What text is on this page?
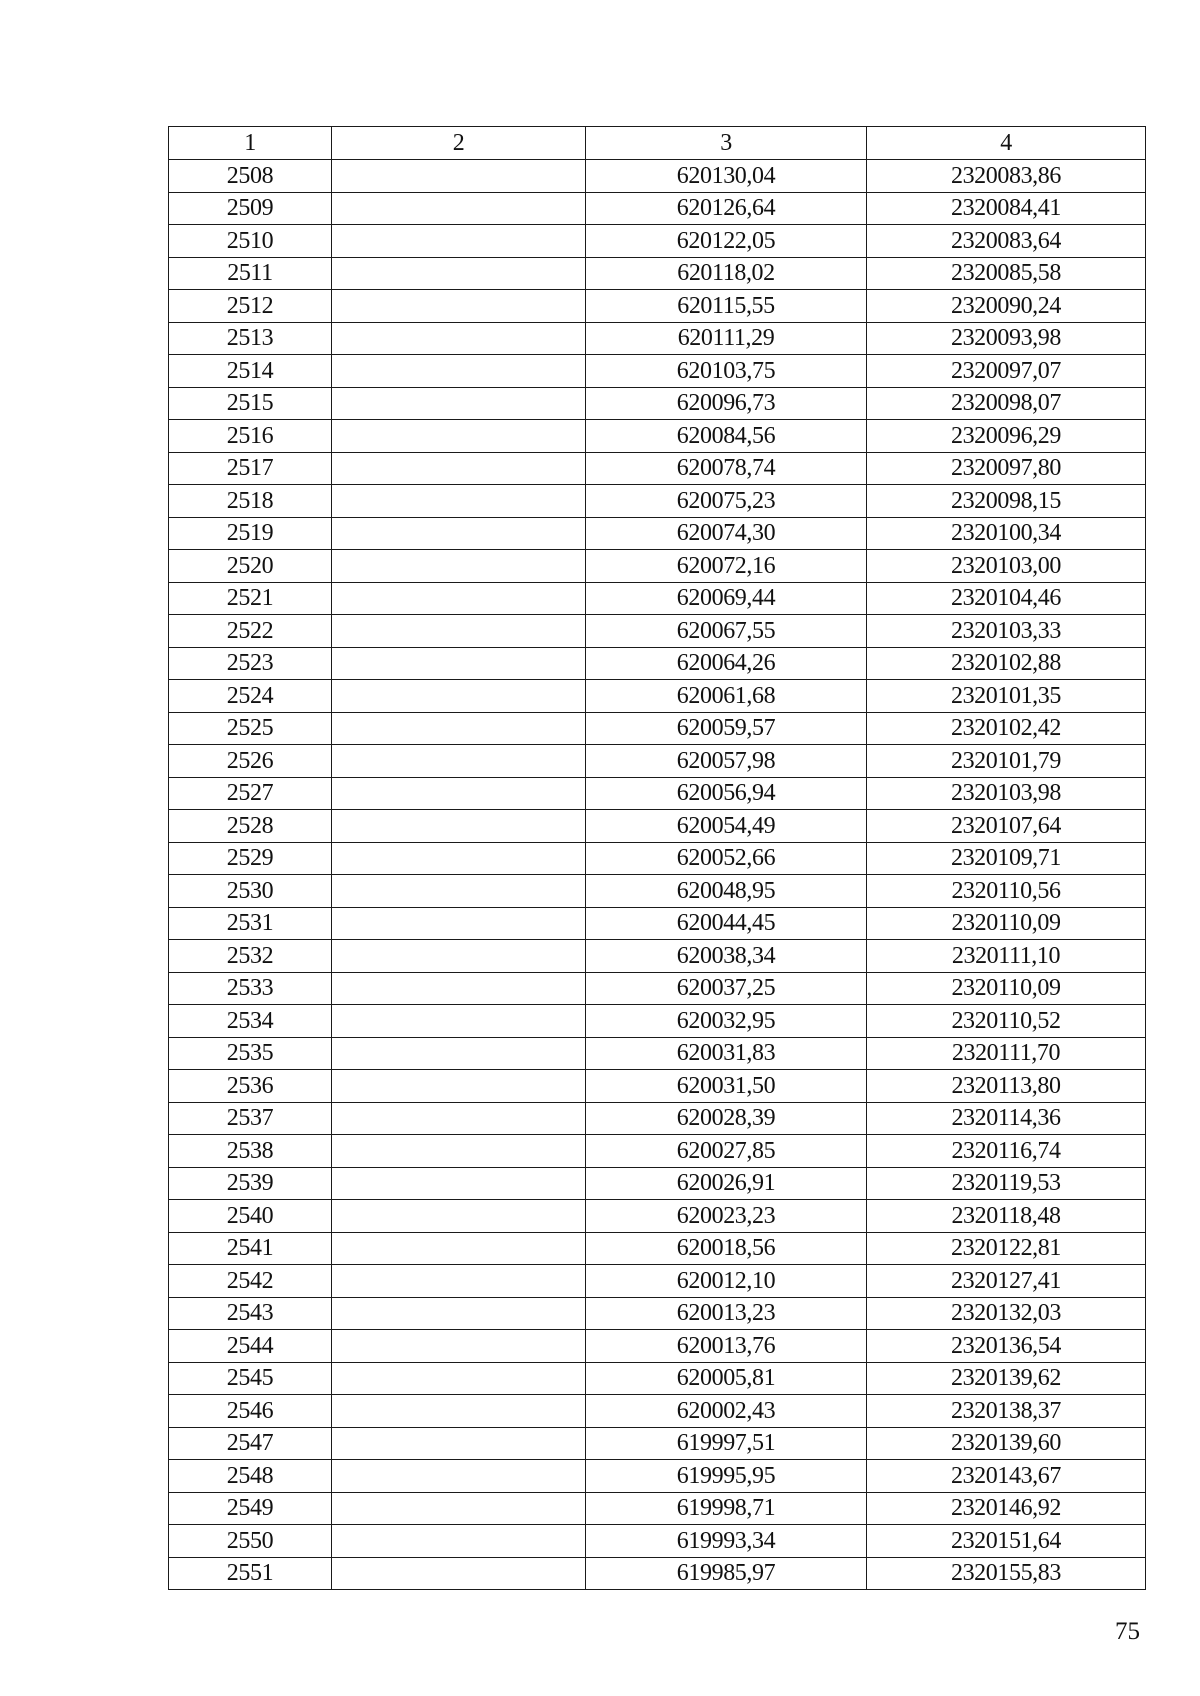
1	2	3	4
2508		620130,04	2320083,86
2509		620126,64	2320084,41
2510		620122,05	2320083,64
2511		620118,02	2320085,58
2512		620115,55	2320090,24
2513		620111,29	2320093,98
2514		620103,75	2320097,07
2515		620096,73	2320098,07
2516		620084,56	2320096,29
2517		620078,74	2320097,80
2518		620075,23	2320098,15
2519		620074,30	2320100,34
2520		620072,16	2320103,00
2521		620069,44	2320104,46
2522		620067,55	2320103,33
2523		620064,26	2320102,88
2524		620061,68	2320101,35
2525		620059,57	2320102,42
2526		620057,98	2320101,79
2527		620056,94	2320103,98
2528		620054,49	2320107,64
2529		620052,66	2320109,71
2530		620048,95	2320110,56
2531		620044,45	2320110,09
2532		620038,34	2320111,10
2533		620037,25	2320110,09
2534		620032,95	2320110,52
2535		620031,83	2320111,70
2536		620031,50	2320113,80
2537		620028,39	2320114,36
2538		620027,85	2320116,74
2539		620026,91	2320119,53
2540		620023,23	2320118,48
2541		620018,56	2320122,81
2542		620012,10	2320127,41
2543		620013,23	2320132,03
2544		620013,76	2320136,54
2545		620005,81	2320139,62
2546		620002,43	2320138,37
2547		619997,51	2320139,60
2548		619995,95	2320143,67
2549		619998,71	2320146,92
2550		619993,34	2320151,64
2551		619985,97	2320155,83
75
